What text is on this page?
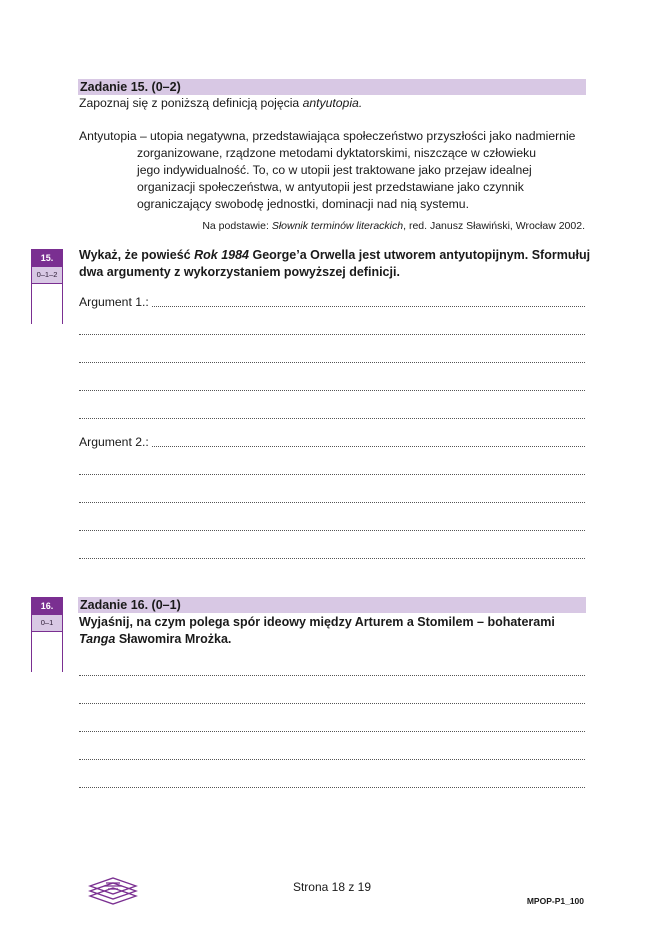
Zadanie 15. (0–2)
Zapoznaj się z poniższą definicją pojęcia antyutopia.
Antyutopia – utopia negatywna, przedstawiająca społeczeństwo przyszłości jako nadmiernie
zorganizowane, rządzone metodami dyktatorskimi, niszczące w człowieku
jego indywidualność. To, co w utopii jest traktowane jako przejaw idealnej
organizacji społeczeństwa, w antyutopii jest przedstawiane jako czynnik
ograniczający swobodę jednostki, dominacji nad nią systemu.
Na podstawie: Słownik terminów literackich, red. Janusz Sławiński, Wrocław 2002.
15.
0–1–2
Wykaż, że powieść Rok 1984 George’a Orwella jest utworem antyutopijnym. Sformułuj
dwa argumenty z wykorzystaniem powyższej definicji.
Argument 1.:
Argument 2.:
Zadanie 16. (0–1)
16.
0–1	Wyjaśnij, na czym polega spór ideowy między Arturem a Stomilem – bohaterami
Tanga Sławomira Mrożka.
Strona 18 z 19
MPOP-P1_100
